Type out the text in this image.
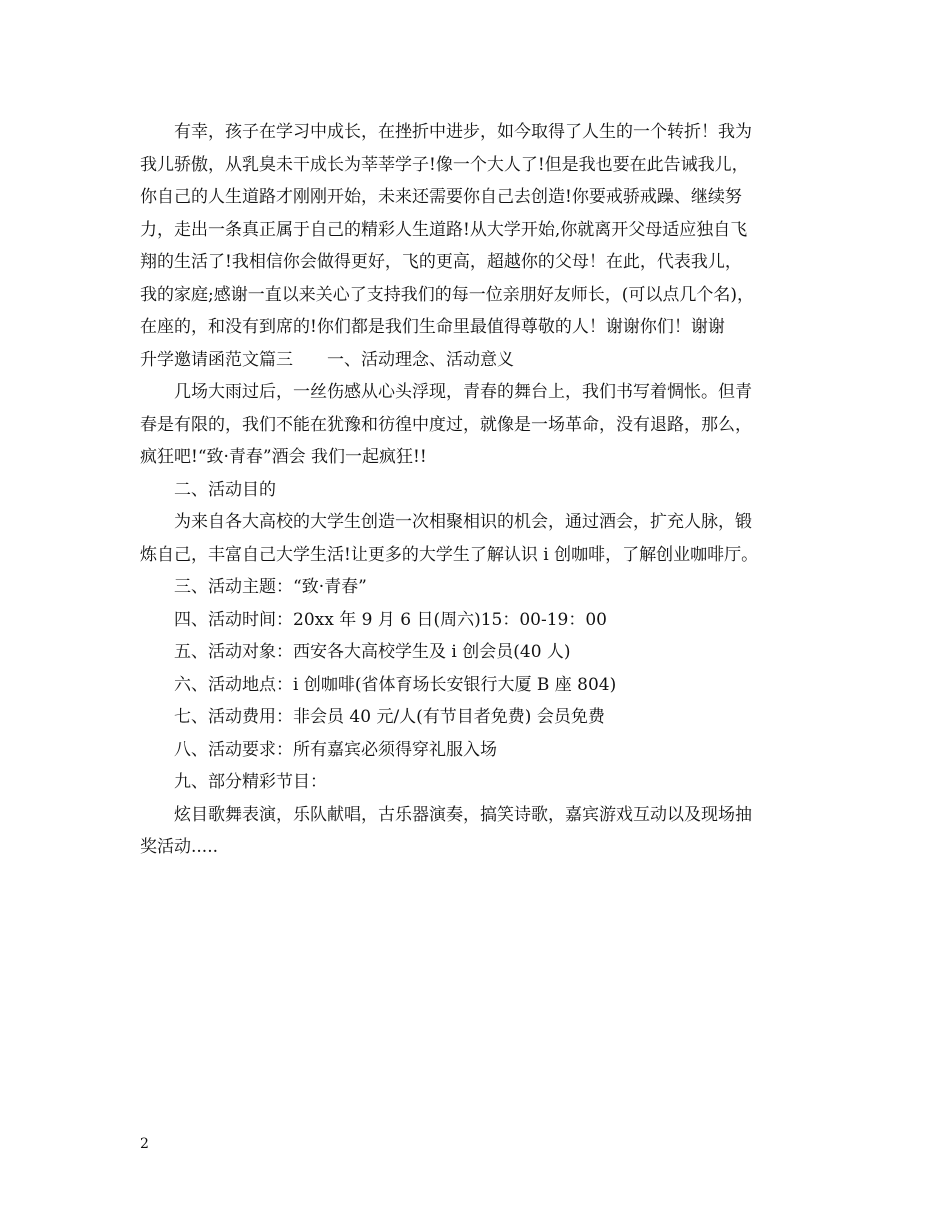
有幸，孩子在学习中成长，在挫折中进步，如今取得了人生的一个转折！我为
我儿骄傲，从乳臭未干成长为莘莘学子!像一个大人了!但是我也要在此告诫我儿，
你自己的人生道路才刚刚开始，未来还需要你自己去创造!你要戒骄戒躁、继续努
力，走出一条真正属于自己的精彩人生道路!从大学开始,你就离开父母适应独自飞
翔的生活了!我相信你会做得更好，飞的更高，超越你的父母！在此，代表我儿，
我的家庭;感谢一直以来关心了支持我们的每一位亲朋好友师长，(可以点几个名)，
在座的，和没有到席的!你们都是我们生命里最值得尊敬的人！谢谢你们！谢谢
升学邀请函范文篇三　　一、活动理念、活动意义
几场大雨过后，一丝伤感从心头浮现，青春的舞台上，我们书写着惆怅。但青
春是有限的，我们不能在犹豫和彷徨中度过，就像是一场革命，没有退路，那么，
疯狂吧!“致·青春”酒会 我们一起疯狂!!
二、活动目的
为来自各大高校的大学生创造一次相聚相识的机会，通过酒会，扩充人脉，锻
炼自己，丰富自己大学生活!让更多的大学生了解认识 i 创咖啡，了解创业咖啡厅。
三、活动主题：“致·青春”
四、活动时间：20xx 年 9 月 6 日(周六)15：00-19：00
五、活动对象：西安各大高校学生及 i 创会员(40 人)
六、活动地点：i 创咖啡(省体育场长安银行大厦 B 座 804)
七、活动费用：非会员 40 元/人(有节目者免费) 会员免费
八、活动要求：所有嘉宾必须得穿礼服入场
九、部分精彩节目：
炫目歌舞表演，乐队献唱，古乐器演奏，搞笑诗歌，嘉宾游戏互动以及现场抽
奖活动.....
2
